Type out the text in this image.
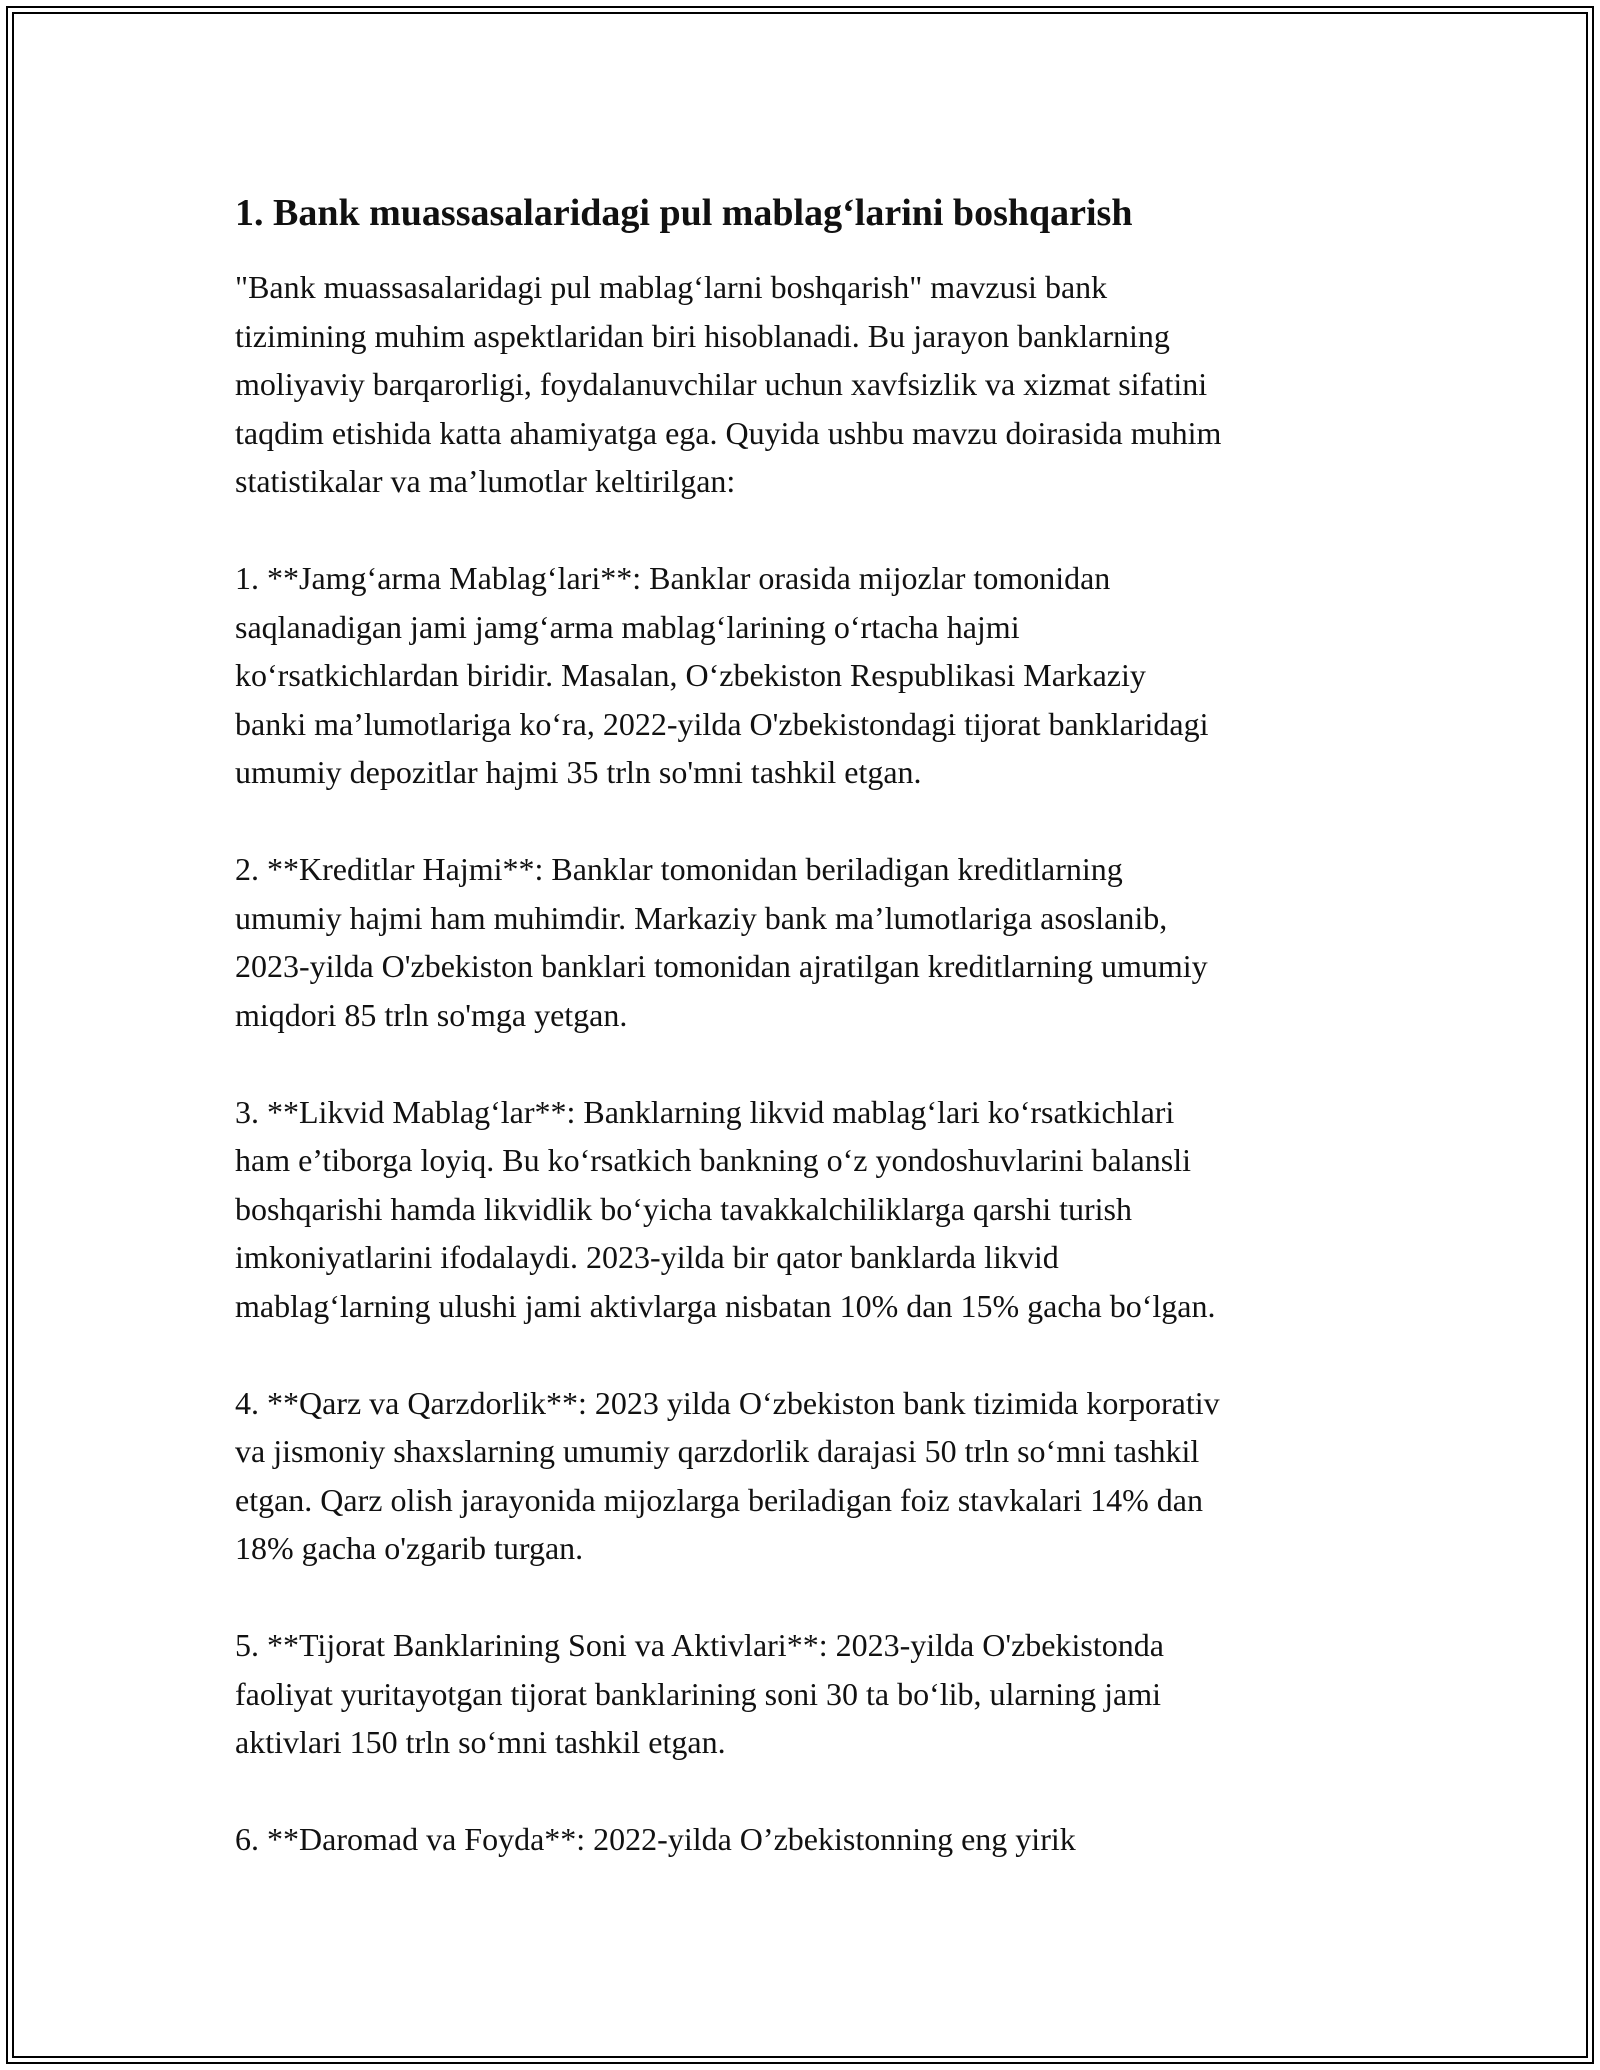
1. Bank muassasalaridagi pul mablag‘larini boshqarish
"Bank muassasalaridagi pul mablag‘larni boshqarish" mavzusi bank
tizimining muhim aspektlaridan biri hisoblanadi. Bu jarayon banklarning
moliyaviy barqarorligi, foydalanuvchilar uchun xavfsizlik va xizmat sifatini
taqdim etishida katta ahamiyatga ega. Quyida ushbu mavzu doirasida muhim
statistikalar va ma’lumotlar keltirilgan:
1. **Jamg‘arma Mablag‘lari**: Banklar orasida mijozlar tomonidan
saqlanadigan jami jamg‘arma mablag‘larining o‘rtacha hajmi
ko‘rsatkichlardan biridir. Masalan, O‘zbekiston Respublikasi Markaziy
banki ma’lumotlariga ko‘ra, 2022-yilda O'zbekistondagi tijorat banklaridagi
umumiy depozitlar hajmi 35 trln so'mni tashkil etgan.
2. **Kreditlar Hajmi**: Banklar tomonidan beriladigan kreditlarning
umumiy hajmi ham muhimdir. Markaziy bank ma’lumotlariga asoslanib,
2023-yilda O'zbekiston banklari tomonidan ajratilgan kreditlarning umumiy
miqdori 85 trln so'mga yetgan.
3. **Likvid Mablag‘lar**: Banklarning likvid mablag‘lari ko‘rsatkichlari
ham e’tiborga loyiq. Bu ko‘rsatkich bankning o‘z yondoshuvlarini balansli
boshqarishi hamda likvidlik bo‘yicha tavakkalchiliklarga qarshi turish
imkoniyatlarini ifodalaydi. 2023-yilda bir qator banklarda likvid
mablag‘larning ulushi jami aktivlarga nisbatan 10% dan 15% gacha bo‘lgan.
4. **Qarz va Qarzdorlik**: 2023 yilda O‘zbekiston bank tizimida korporativ
va jismoniy shaxslarning umumiy qarzdorlik darajasi 50 trln so‘mni tashkil
etgan. Qarz olish jarayonida mijozlarga beriladigan foiz stavkalari 14% dan
18% gacha o'zgarib turgan.
5. **Tijorat Banklarining Soni va Aktivlari**: 2023-yilda O'zbekistonda
faoliyat yuritayotgan tijorat banklarining soni 30 ta bo‘lib, ularning jami
aktivlari 150 trln so‘mni tashkil etgan.
6. **Daromad va Foyda**: 2022-yilda O’zbekistonning eng yirik
